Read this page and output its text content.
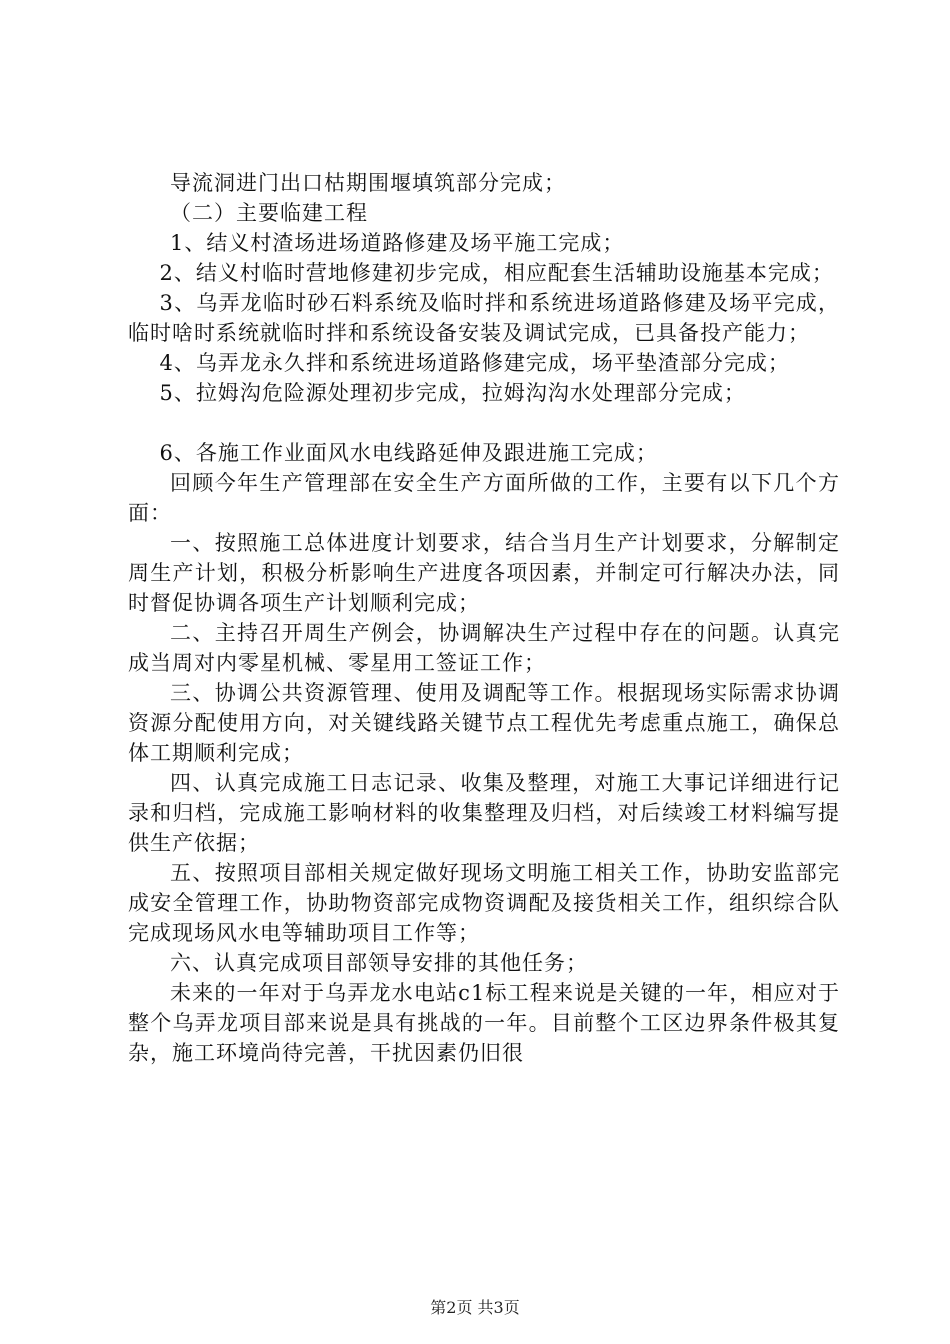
导流洞进门出口枯期围堰填筑部分完成；

（二）主要临建工程

1、结义村渣场进场道路修建及场平施工完成；

2、结义村临时营地修建初步完成，相应配套生活辅助设施基本完成；

3、乌弄龙临时砂石料系统及临时拌和系统进场道路修建及场平完成，临时啥时系统就临时拌和系统设备安装及调试完成，已具备投产能力；

4、乌弄龙永久拌和系统进场道路修建完成，场平垫渣部分完成；

5、拉姆沟危险源处理初步完成，拉姆沟沟水处理部分完成；

6、各施工作业面风水电线路延伸及跟进施工完成；

回顾今年生产管理部在安全生产方面所做的工作，主要有以下几个方面：

一、按照施工总体进度计划要求，结合当月生产计划要求，分解制定周生产计划，积极分析影响生产进度各项因素，并制定可行解决办法，同时督促协调各项生产计划顺利完成；

二、主持召开周生产例会，协调解决生产过程中存在的问题。认真完成当周对内零星机械、零星用工签证工作；

三、协调公共资源管理、使用及调配等工作。根据现场实际需求协调资源分配使用方向，对关键线路关键节点工程优先考虑重点施工，确保总体工期顺利完成；

四、认真完成施工日志记录、收集及整理，对施工大事记详细进行记录和归档，完成施工影响材料的收集整理及归档，对后续竣工材料编写提供生产依据；

五、按照项目部相关规定做好现场文明施工相关工作，协助安监部完成安全管理工作，协助物资部完成物资调配及接货相关工作，组织综合队完成现场风水电等辅助项目工作等；

六、认真完成项目部领导安排的其他任务；

未来的一年对于乌弄龙水电站c1标工程来说是关键的一年，相应对于整个乌弄龙项目部来说是具有挑战的一年。目前整个工区边界条件极其复杂，施工环境尚待完善，干扰因素仍旧很

第2页 共3页
